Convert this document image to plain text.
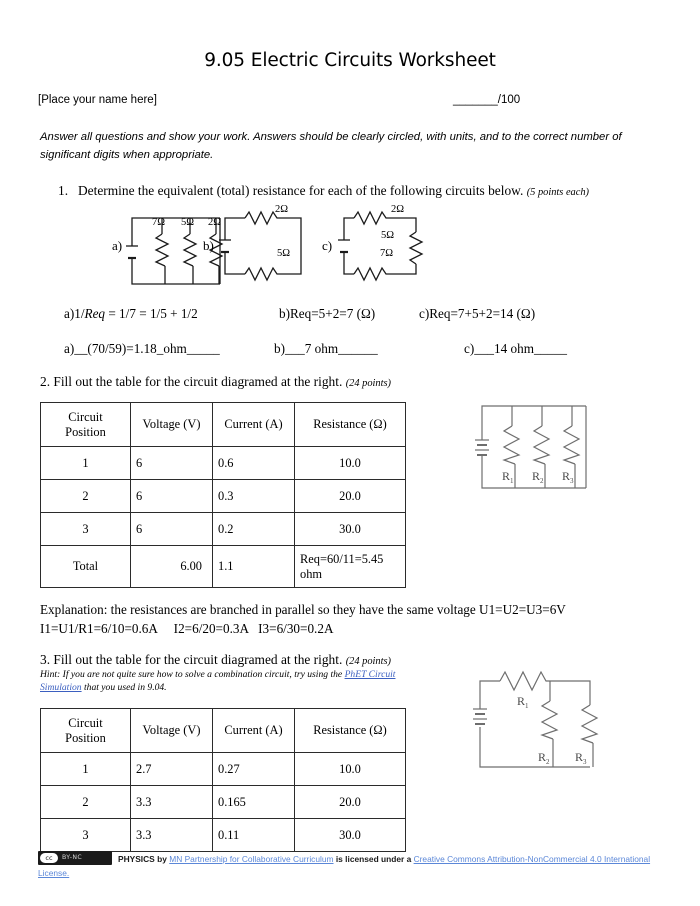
9.05 Electric Circuits Worksheet
[Place your name here]	_______/100
Answer all questions and show your work. Answers should be clearly circled, with units, and to the correct number of significant digits when appropriate.
1. Determine the equivalent (total) resistance for each of the following circuits below. (5 points each)
a)
7Ω 5Ω 2Ω
b)
2Ω
5Ω
c)
2Ω
5Ω
7Ω
a)1/Req = 1/7 = 1/5 + 1/2	b)Req=5+2=7 (Ω)	c)Req=7+5+2=14 (Ω)
a)__(70/59)=1.18_ohm_____	b)___7 ohm______	c)___14 ohm_____
2. Fill out the table for the circuit diagramed at the right. (24 points)
Circuit
Position	Voltage (V)	Current (A)	Resistance (Ω)
1	6	0.6	10.0
2	6	0.3	20.0
3	6	0.2	30.0
Total	6.00	1.1	Req=60/11=5.45 ohm
$R_1$ $R_2$ $R_3$
Explanation: the resistances are branched in parallel so they have the same voltage U1=U2=U3=6V
I1=U1/R1=6/10=0.6A     I2=6/20=0.3A   I3=6/30=0.2A
3. Fill out the table for the circuit diagramed at the right. (24 points)
Hint: If you are not quite sure how to solve a combination circuit, try using the PhET Circuit Simulation that you used in 9.04.
$R_1$
$R_2$ $R_3$
Circuit
Position	Voltage (V)	Current (A)	Resistance (Ω)
1	2.7	0.27	10.0
2	3.3	0.165	20.0
3	3.3	0.11	30.0
cc	BY-NC	PHYSICS by MN Partnership for Collaborative Curriculum is licensed under a Creative Commons Attribution-NonCommercial 4.0 International License.
